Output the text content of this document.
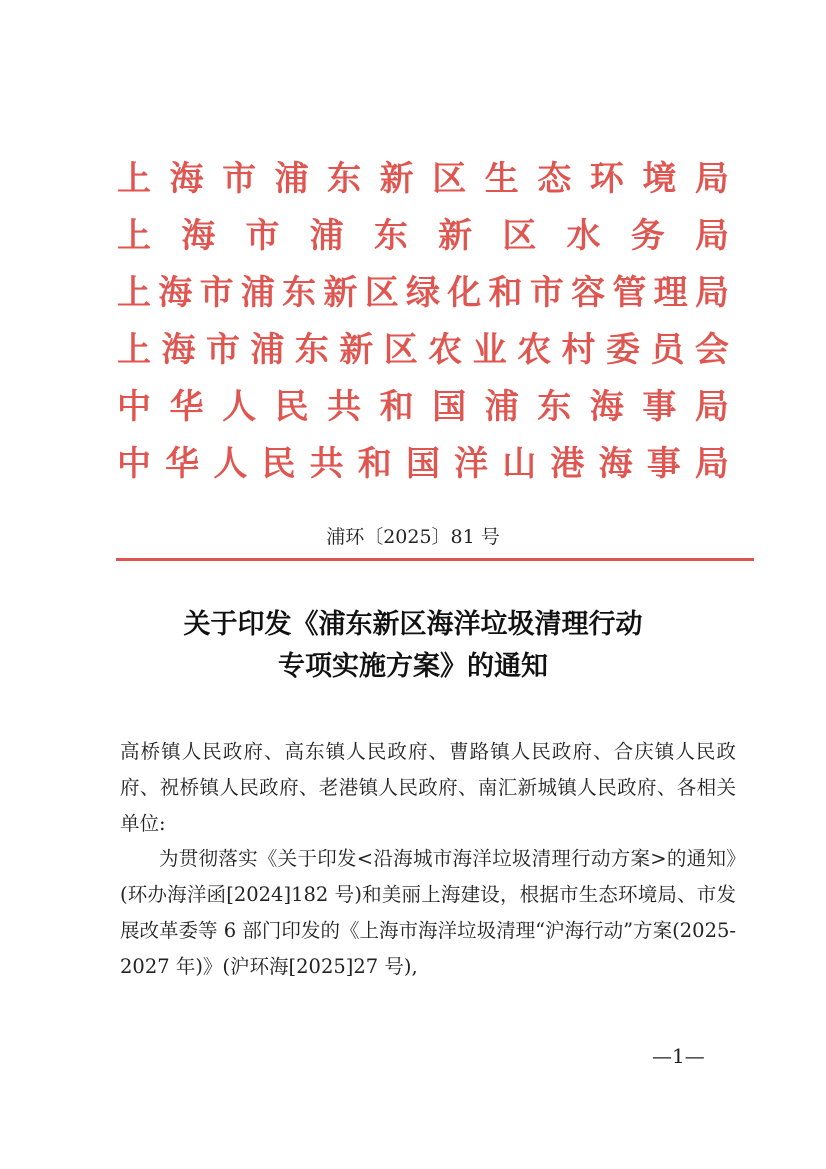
上 海 市 浦 东 新 区 生 态 环 境 局
上 海 市 浦 东 新 区 水 务 局
上 海 市 浦 东 新 区 绿 化 和 市 容 管 理 局
上 海 市 浦 东 新 区 农 业 农 村 委 员 会
中 华 人 民 共 和 国 浦 东 海 事 局
中 华 人 民 共 和 国 洋 山 港 海 事 局
浦环〔2025〕81 号
关于印发《浦东新区海洋垃圾清理行动
专项实施方案》的通知

高桥镇人民政府、高东镇人民政府、曹路镇人民政府、合庆镇人民政府、祝桥镇人民政府、老港镇人民政府、南汇新城镇人民政府、各相关单位:

为贯彻落实《关于印发<沿海城市海洋垃圾清理行动方案>的通知》(环办海洋函[2024]182 号)和美丽上海建设，根据市生态环境局、市发展改革委等 6 部门印发的《上海市海洋垃圾清理“沪海行动”方案(2025-2027 年)》(沪环海[2025]27 号),

—1—
